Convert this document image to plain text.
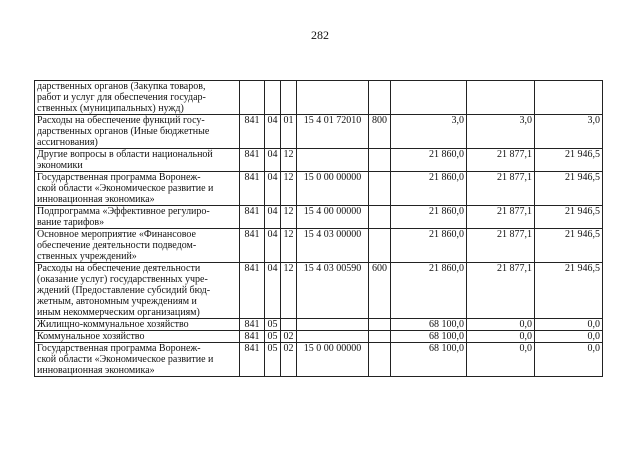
282
дарственных органов (Закупка товаров,
работ и услуг для обеспечения государ-
ственных (муниципальных) нужд)								

Расходы на обеспечение функций госу-
дарственных органов (Иные бюджетные
ассигнования)	841	04	01	15 4 01 72010	800	3,0	3,0	3,0

Другие вопросы в области национальной
экономики	841	04	12			21 860,0	21 877,1	21 946,5

Государственная программа Воронеж-
ской области «Экономическое развитие и
инновационная экономика»	841	04	12	15 0 00 00000		21 860,0	21 877,1	21 946,5

Подпрограмма «Эффективное регулиро-
вание тарифов»	841	04	12	15 4 00 00000		21 860,0	21 877,1	21 946,5

Основное мероприятие «Финансовое
обеспечение деятельности подведом-
ственных учреждений»	841	04	12	15 4 03 00000		21 860,0	21 877,1	21 946,5

Расходы на обеспечение деятельности
(оказание услуг) государственных учре-
ждений (Предоставление субсидий бюд-
жетным, автономным учреждениям и
иным некоммерческим организациям)	841	04	12	15 4 03 00590	600	21 860,0	21 877,1	21 946,5

Жилищно-коммунальное хозяйство	841	05				68 100,0	0,0	0,0

Коммунальное хозяйство	841	05	02			68 100,0	0,0	0,0

Государственная программа Воронеж-
ской области «Экономическое развитие и
инновационная экономика»	841	05	02	15 0 00 00000		68 100,0	0,0	0,0
